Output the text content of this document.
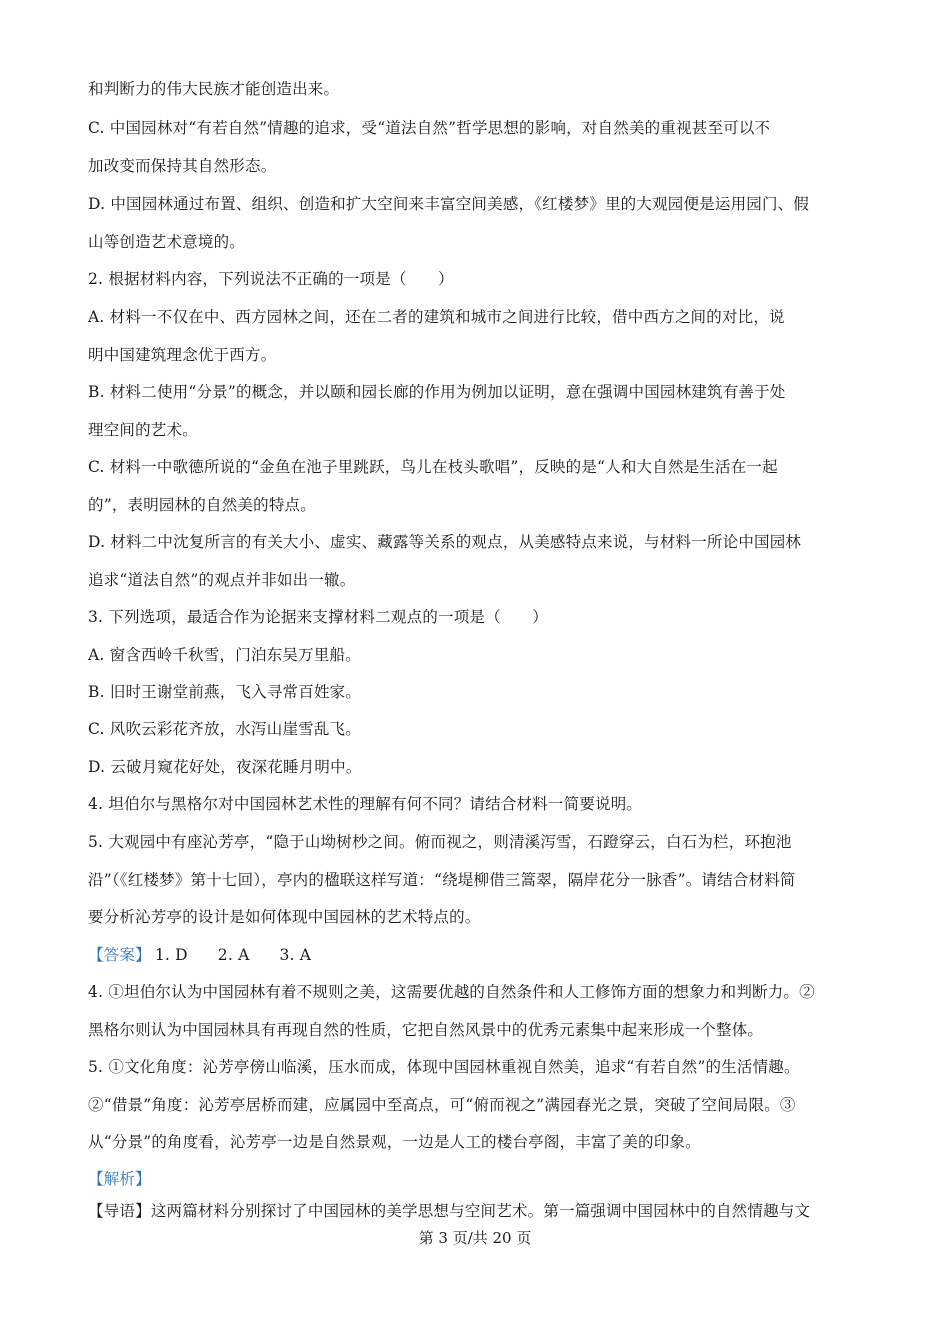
和判断力的伟大民族才能创造出来。
C. 中国园林对“有若自然”情趣的追求，受“道法自然”哲学思想的影响，对自然美的重视甚至可以不
加改变而保持其自然形态。
D. 中国园林通过布置、组织、创造和扩大空间来丰富空间美感，《红楼梦》里的大观园便是运用园门、假
山等创造艺术意境的。
2. 根据材料内容，下列说法不正确的一项是（　　）
A. 材料一不仅在中、西方园林之间，还在二者的建筑和城市之间进行比较，借中西方之间的对比，说
明中国建筑理念优于西方。
B. 材料二使用“分景”的概念，并以颐和园长廊的作用为例加以证明，意在强调中国园林建筑有善于处
理空间的艺术。
C. 材料一中歌德所说的“金鱼在池子里跳跃，鸟儿在枝头歌唱”，反映的是“人和大自然是生活在一起
的”，表明园林的自然美的特点。
D. 材料二中沈复所言的有关大小、虚实、藏露等关系的观点，从美感特点来说，与材料一所论中国园林
追求“道法自然”的观点并非如出一辙。
3. 下列选项，最适合作为论据来支撑材料二观点的一项是（　　）
A. 窗含西岭千秋雪，门泊东吴万里船。
B. 旧时王谢堂前燕，飞入寻常百姓家。
C. 风吹云彩花齐放，水泻山崖雪乱飞。
D. 云破月窥花好处，夜深花睡月明中。
4. 坦伯尔与黑格尔对中国园林艺术性的理解有何不同？请结合材料一简要说明。
5. 大观园中有座沁芳亭，“隐于山坳树杪之间。俯而视之，则清溪泻雪，石蹬穿云，白石为栏，环抱池
沿”（《红楼梦》第十七回），亭内的楹联这样写道：“绕堤柳借三篙翠，隔岸花分一脉香”。请结合材料简
要分析沁芳亭的设计是如何体现中国园林的艺术特点的。
【答案】 1. D 2. A 3. A
4. ①坦伯尔认为中国园林有着不规则之美，这需要优越的自然条件和人工修饰方面的想象力和判断力。②
黑格尔则认为中国园林具有再现自然的性质，它把自然风景中的优秀元素集中起来形成一个整体。
5. ①文化角度：沁芳亭傍山临溪，压水而成，体现中国园林重视自然美，追求“有若自然”的生活情趣。
②“借景”角度：沁芳亭居桥而建，应属园中至高点，可“俯而视之”满园春光之景，突破了空间局限。③
从“分景”的角度看，沁芳亭一边是自然景观，一边是人工的楼台亭阁，丰富了美的印象。
【解析】
【导语】这两篇材料分别探讨了中国园林的美学思想与空间艺术。第一篇强调中国园林中的自然情趣与文
第 3 页/共 20 页
